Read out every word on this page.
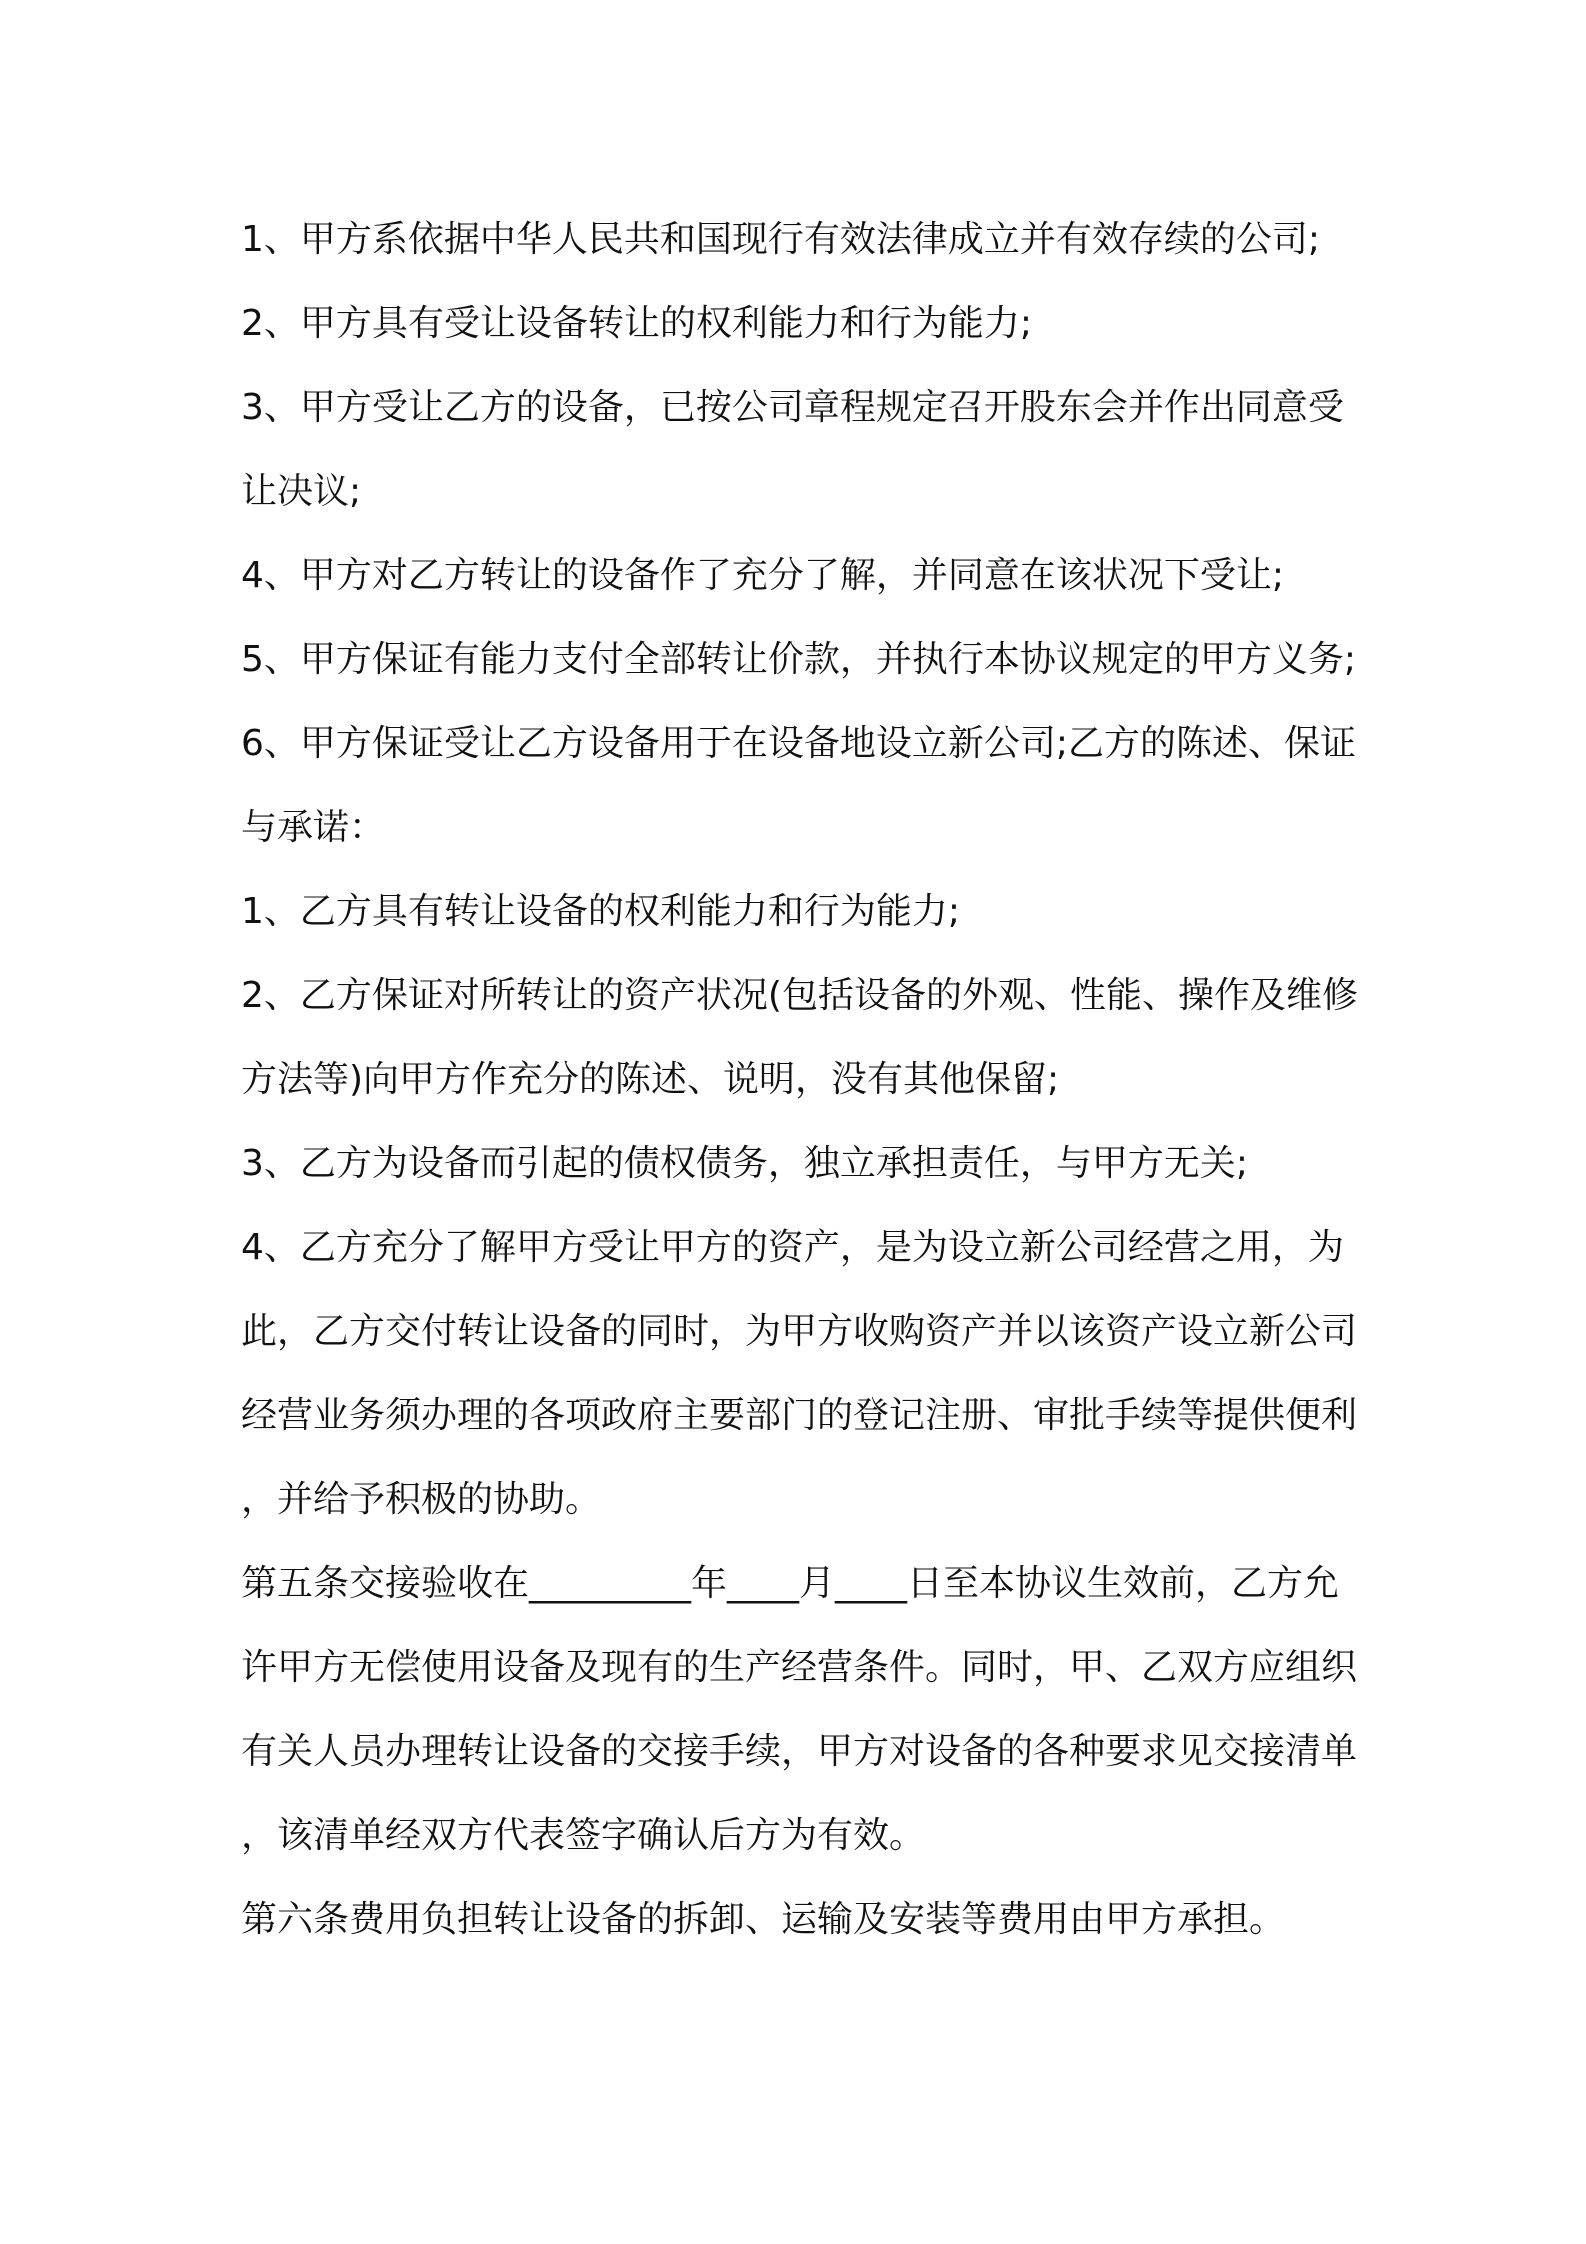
1、甲方系依据中华人民共和国现行有效法律成立并有效存续的公司;

2、甲方具有受让设备转让的权利能力和行为能力;

3、甲方受让乙方的设备，已按公司章程规定召开股东会并作出同意受让决议;

4、甲方对乙方转让的设备作了充分了解，并同意在该状况下受让;

5、甲方保证有能力支付全部转让价款，并执行本协议规定的甲方义务;

6、甲方保证受让乙方设备用于在设备地设立新公司;乙方的陈述、保证与承诺：

1、乙方具有转让设备的权利能力和行为能力;

2、乙方保证对所转让的资产状况(包括设备的外观、性能、操作及维修方法等)向甲方作充分的陈述、说明，没有其他保留;

3、乙方为设备而引起的债权债务，独立承担责任，与甲方无关;

4、乙方充分了解甲方受让甲方的资产，是为设立新公司经营之用，为此，乙方交付转让设备的同时，为甲方收购资产并以该资产设立新公司经营业务须办理的各项政府主要部门的登记注册、审批手续等提供便利，并给予积极的协助。

第五条交接验收在_________年____月____日至本协议生效前，乙方允许甲方无偿使用设备及现有的生产经营条件。同时，甲、乙双方应组织有关人员办理转让设备的交接手续，甲方对设备的各种要求见交接清单，该清单经双方代表签字确认后方为有效。

第六条费用负担转让设备的拆卸、运输及安装等费用由甲方承担。
